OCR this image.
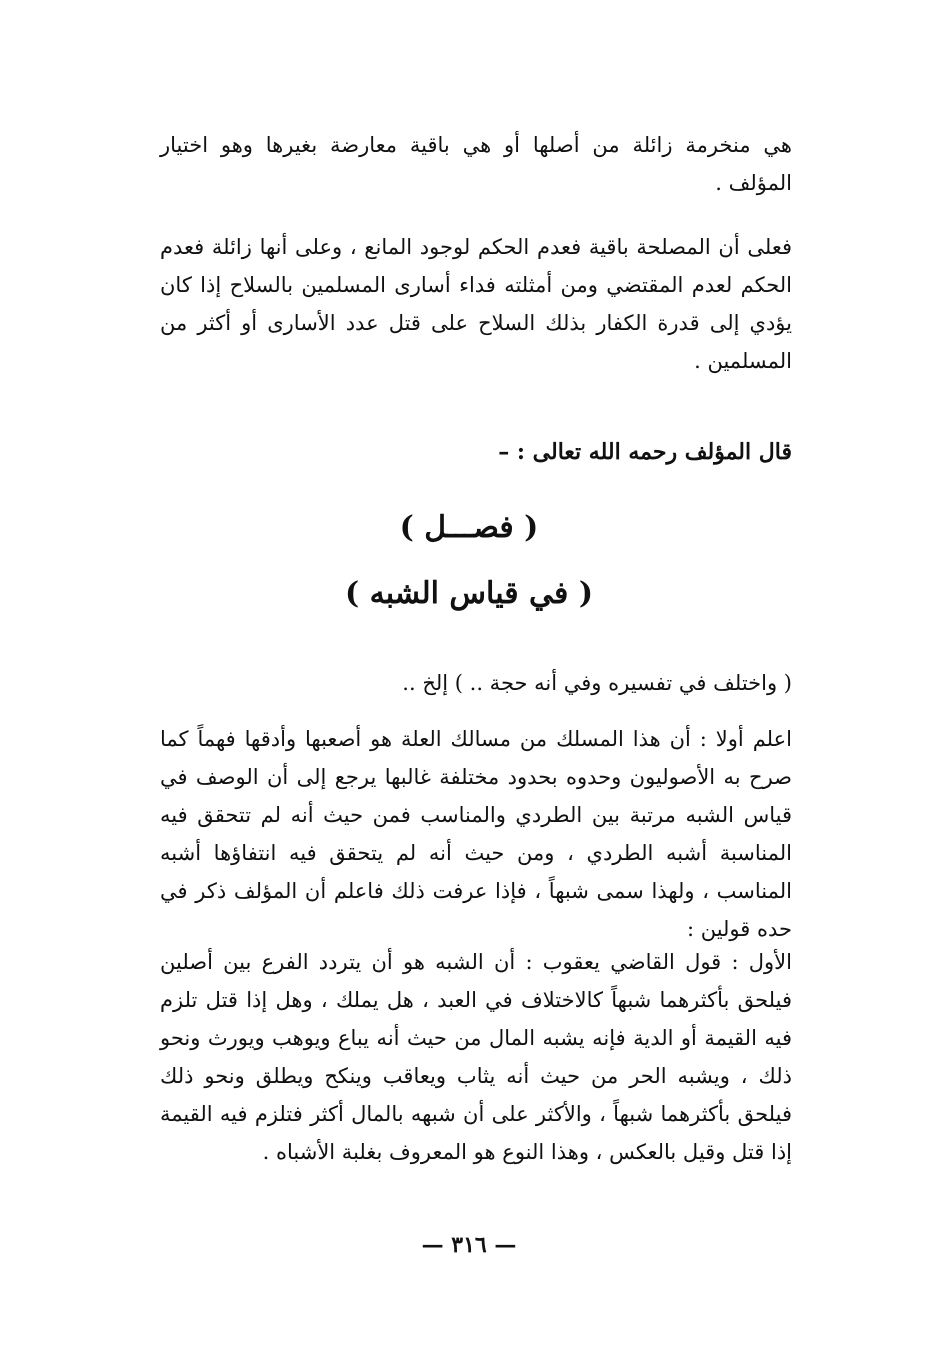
هي منخرمة زائلة من أصلها أو هي باقية معارضة بغيرها وهو اختيار المؤلف .

فعلى أن المصلحة باقية فعدم الحكم لوجود المانع ، وعلى أنها زائلة فعدم الحكم لعدم المقتضي ومن أمثلته فداء أسارى المسلمين بالسلاح إذا كان يؤدي إلى قدرة الكفار بذلك السلاح على قتل عدد الأسارى أو أكثر من المسلمين .

قال المؤلف رحمه الله تعالى : –

( فصـــل )
( في قياس الشبه )

( واختلف في تفسيره وفي أنه حجة .. ) إلخ ..

اعلم أولا : أن هذا المسلك من مسالك العلة هو أصعبها وأدقها فهماً كما صرح به الأصوليون وحدوه بحدود مختلفة غالبها يرجع إلى أن الوصف في قياس الشبه مرتبة بين الطردي والمناسب فمن حيث أنه لم تتحقق فيه المناسبة أشبه الطردي ، ومن حيث أنه لم يتحقق فيه انتفاؤها أشبه المناسب ، ولهذا سمى شبهاً ، فإذا عرفت ذلك فاعلم أن المؤلف ذكر في حده قولين :

الأول : قول القاضي يعقوب : أن الشبه هو أن يتردد الفرع بين أصلين فيلحق بأكثرهما شبهاً كالاختلاف في العبد ، هل يملك ، وهل إذا قتل تلزم فيه القيمة أو الدية فإنه يشبه المال من حيث أنه يباع ويوهب ويورث ونحو ذلك ، ويشبه الحر من حيث أنه يثاب ويعاقب وينكح ويطلق ونحو ذلك فيلحق بأكثرهما شبهاً ، والأكثر على أن شبهه بالمال أكثر فتلزم فيه القيمة إذا قتل وقيل بالعكس ، وهذا النوع هو المعروف بغلبة الأشباه .

— ٣١٦ —
